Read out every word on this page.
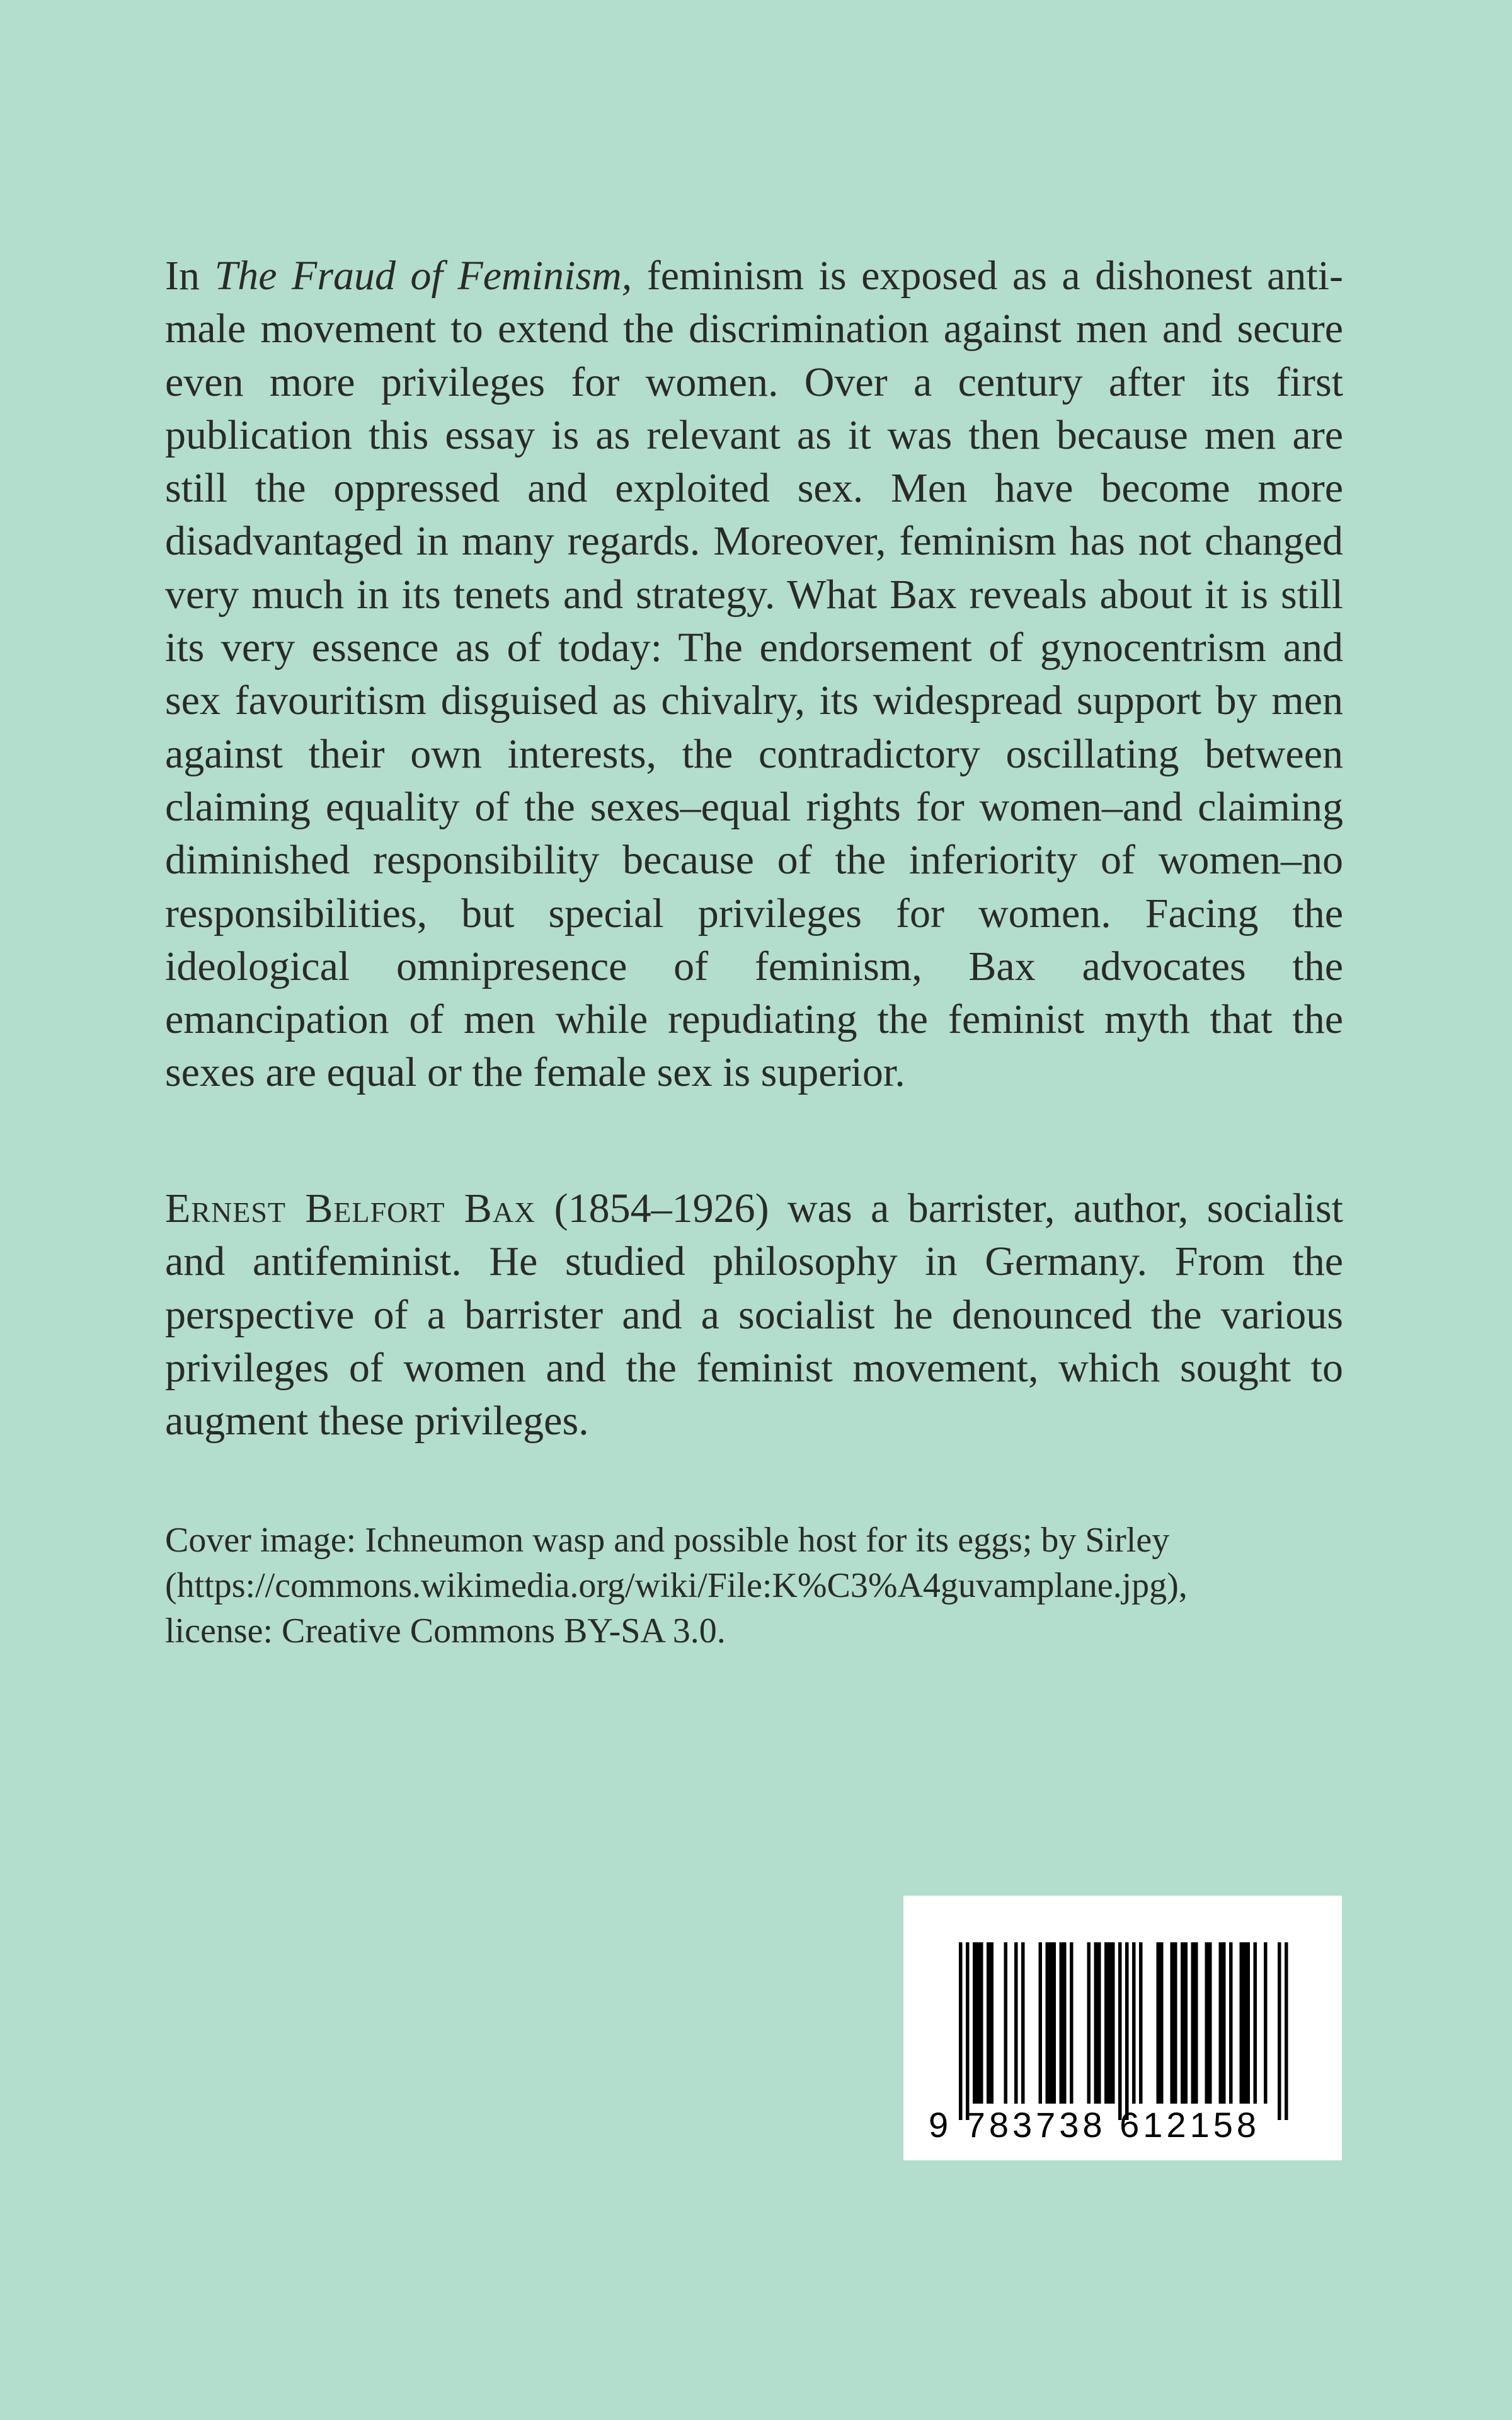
In The Fraud of Feminism, feminism is exposed as a dishonest anti-male movement to extend the discrimination against men and secure even more privileges for women. Over a century after its first publication this essay is as relevant as it was then because men are still the oppressed and exploited sex. Men have become more disadvantaged in many regards. Moreover, feminism has not changed very much in its tenets and strategy. What Bax reveals about it is still its very essence as of today: The endorsement of gynocentrism and sex favouritism disguised as chivalry, its widespread support by men against their own interests, the contradictory oscillating between claiming equality of the sexes–equal rights for women–and claiming diminished responsibility because of the inferiority of women–no responsibilities, but special privileges for women. Facing the ideological omnipresence of feminism, Bax advocates the emancipation of men while repudiating the feminist myth that the sexes are equal or the female sex is superior.

Ernest Belfort Bax (1854–1926) was a barrister, author, socialist and antifeminist. He studied philosophy in Germany. From the perspective of a barrister and a socialist he denounced the various privileges of women and the feminist movement, which sought to augment these privileges.

Cover image: Ichneumon wasp and possible host for its eggs; by Sirley
(https://commons.wikimedia.org/wiki/File:K%C3%A4guvamplane.jpg),
license: Creative Commons BY-SA 3.0.

9 783738 612158
